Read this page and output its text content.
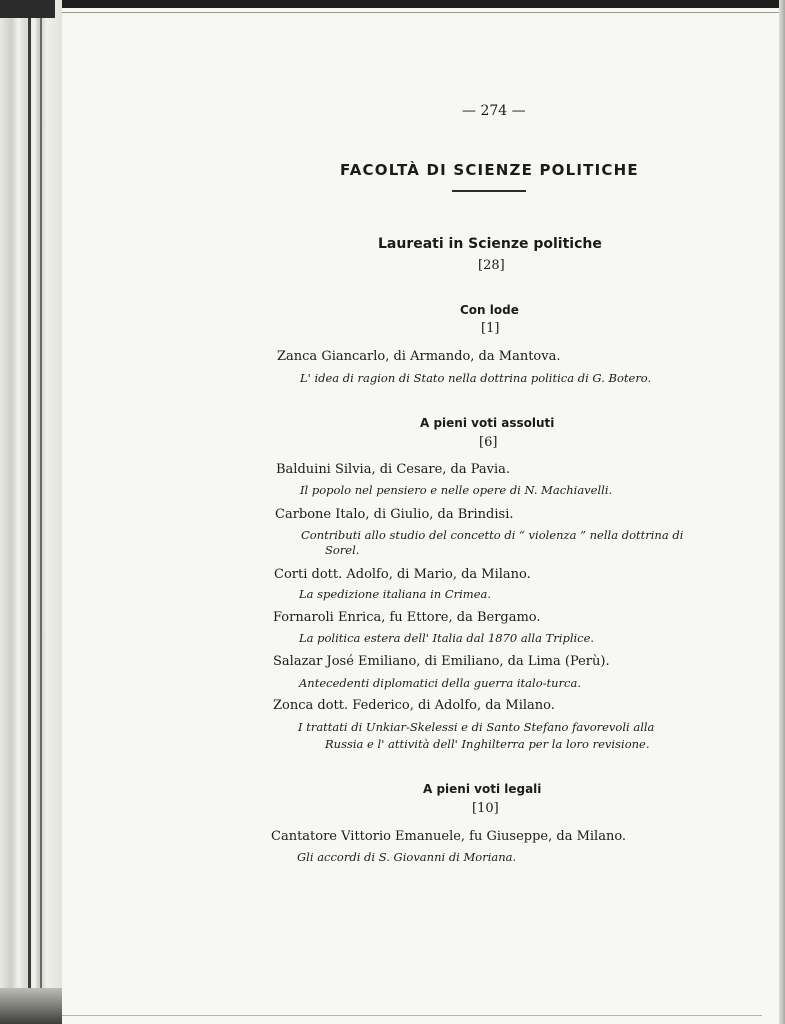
— 274 —
FACOLTÀ DI SCIENZE POLITICHE
Laureati in Scienze politiche
[28]
Con lode
[1]
Zanca Giancarlo, di Armando, da Mantova.
L' idea di ragion di Stato nella dottrina politica di G. Botero.
A pieni voti assoluti
[6]
Balduini Silvia, di Cesare, da Pavia.
Il popolo nel pensiero e nelle opere di N. Machiavelli.
Carbone Italo, di Giulio, da Brindisi.
Contributi allo studio del concetto di “ violenza ” nella dottrina di
Sorel.
Corti dott. Adolfo, di Mario, da Milano.
La spedizione italiana in Crimea.
Fornaroli Enrica, fu Ettore, da Bergamo.
La politica estera dell' Italia dal 1870 alla Triplice.
Salazar José Emiliano, di Emiliano, da Lima (Perù).
Antecedenti diplomatici della guerra italo-turca.
Zonca dott. Federico, di Adolfo, da Milano.
I trattati di Unkiar-Skelessi e di Santo Stefano favorevoli alla
Russia e l' attività dell' Inghilterra per la loro revisione.
A pieni voti legali
[10]
Cantatore Vittorio Emanuele, fu Giuseppe, da Milano.
Gli accordi di S. Giovanni di Moriana.
